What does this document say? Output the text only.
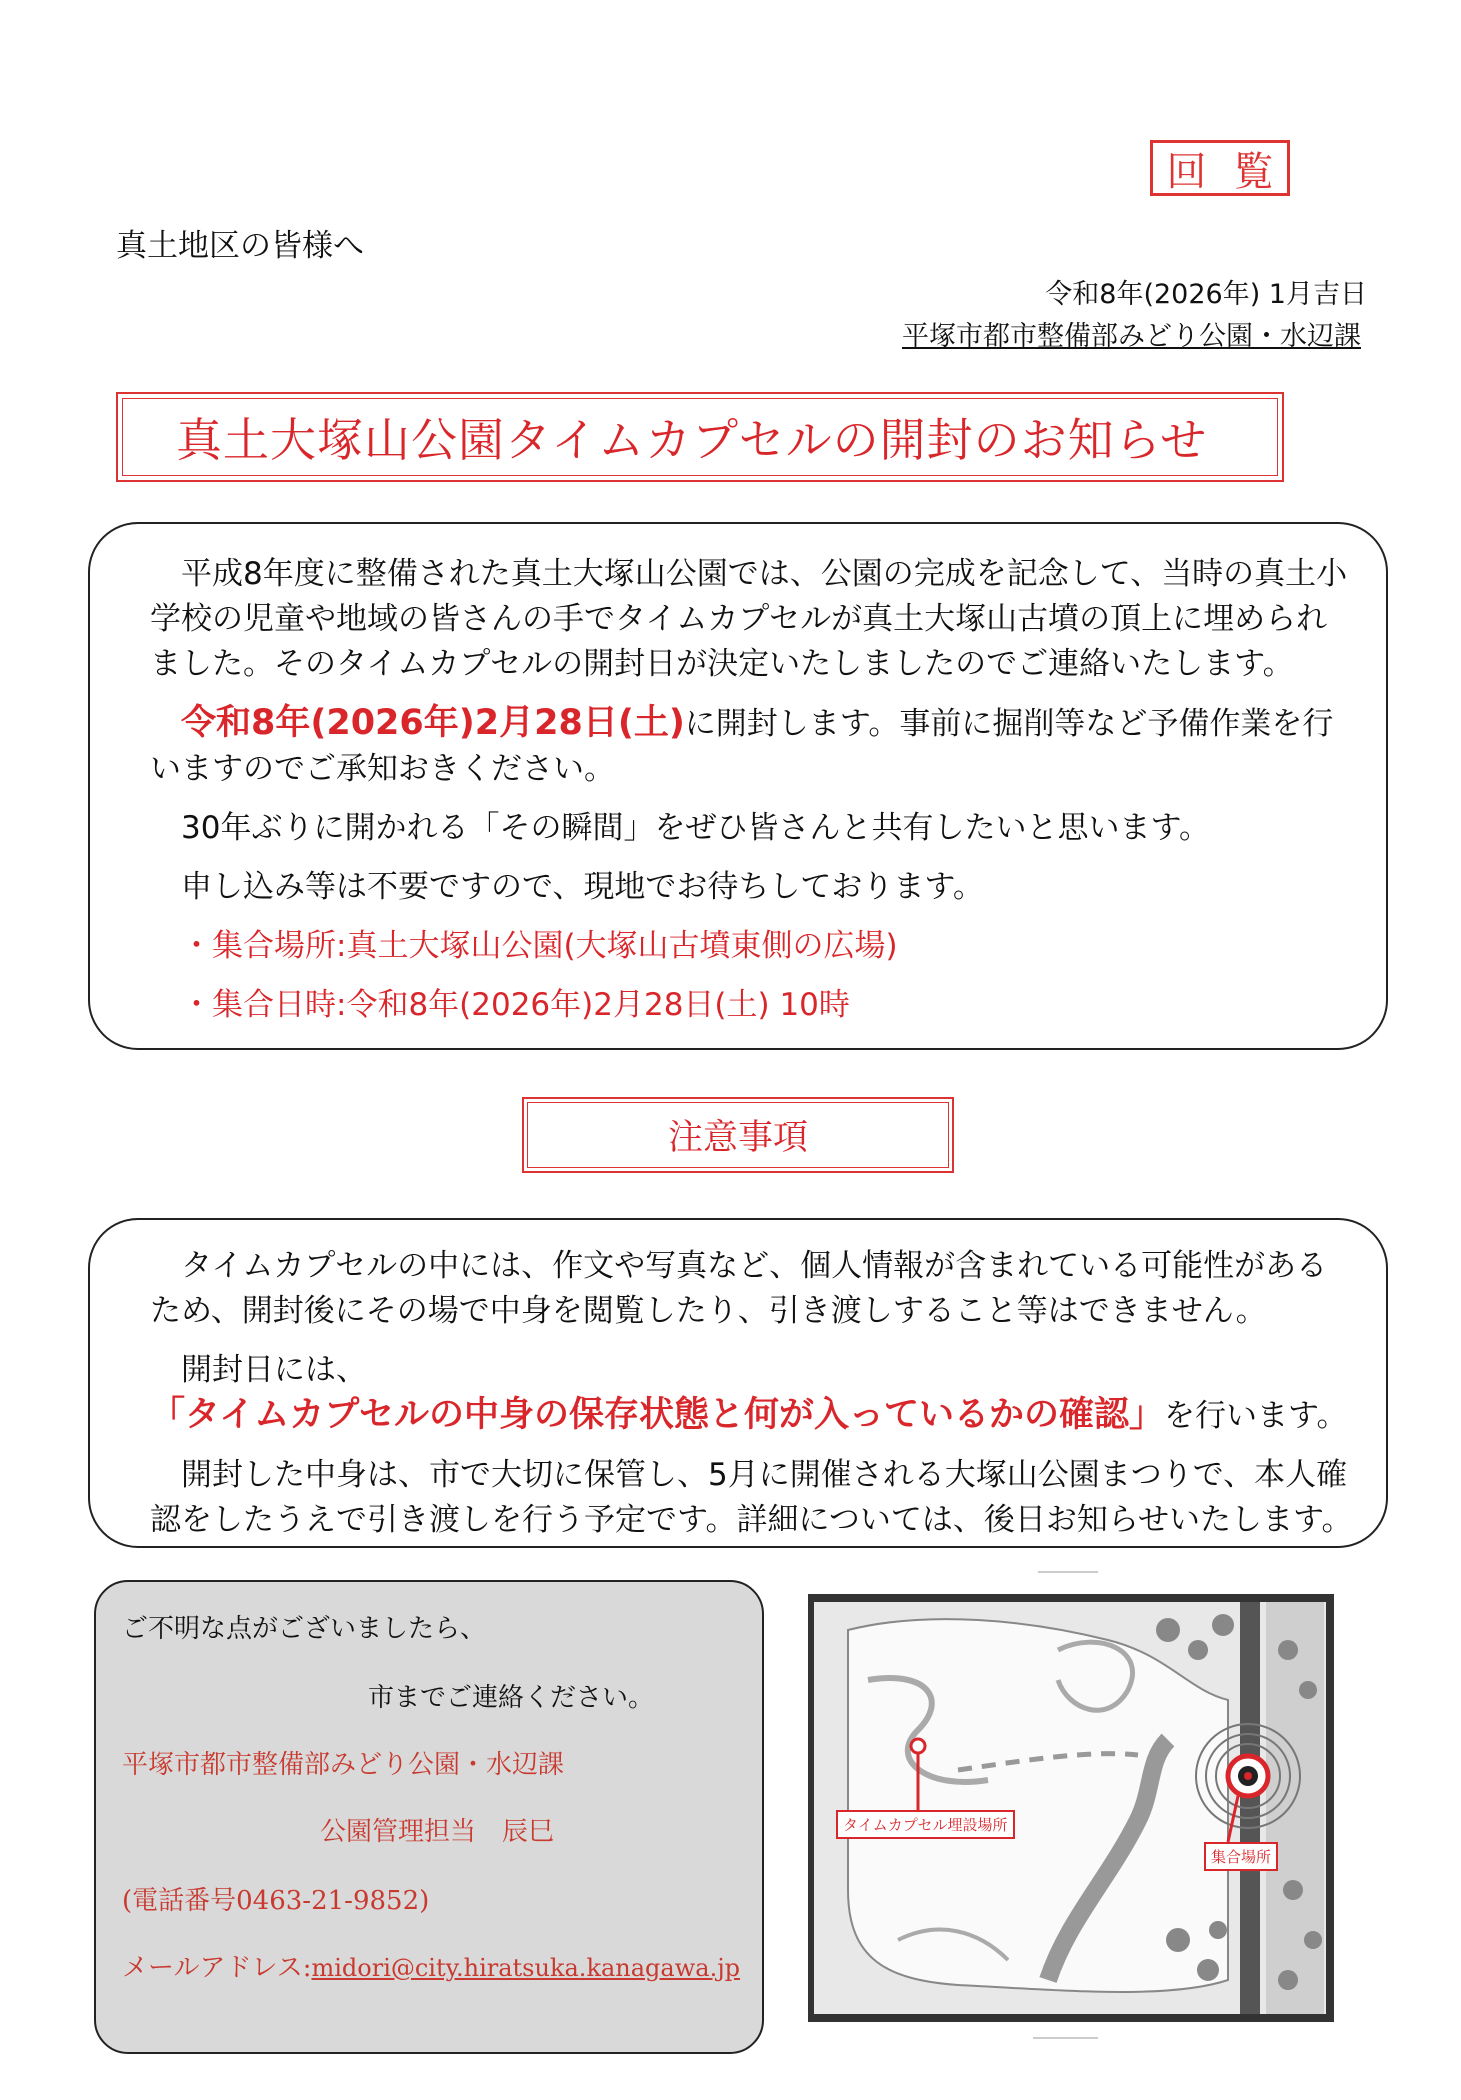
回 覧
真土地区の皆様へ
令和8年(2026年) 1月吉日
平塚市都市整備部みどり公園・水辺課
真土大塚山公園タイムカプセルの開封のお知らせ

平成8年度に整備された真土大塚山公園では、公園の完成を記念して、当時の真土小学校の児童や地域の皆さんの手でタイムカプセルが真土大塚山古墳の頂上に埋められました。そのタイムカプセルの開封日が決定いたしましたのでご連絡いたします。

令和8年(2026年)2月28日(土)に開封します。事前に掘削等など予備作業を行いますのでご承知おきください。

30年ぶりに開かれる「その瞬間」をぜひ皆さんと共有したいと思います。

申し込み等は不要ですので、現地でお待ちしております。

・集合場所:真土大塚山公園(大塚山古墳東側の広場)

・集合日時:令和8年(2026年)2月28日(土) 10時

注意事項

タイムカプセルの中には、作文や写真など、個人情報が含まれている可能性があるため、開封後にその場で中身を閲覧したり、引き渡しすること等はできません。

開封日には、「タイムカプセルの中身の保存状態と何が入っているかの確認」を行います。

開封した中身は、市で大切に保管し、5月に開催される大塚山公園まつりで、本人確認をしたうえで引き渡しを行う予定です。詳細については、後日お知らせいたします。

ご不明な点がございましたら、

市までご連絡ください。

平塚市都市整備部みどり公園・水辺課

公園管理担当　辰巳

(電話番号0463-21-9852)

メールアドレス:midori@city.hiratsuka.kanagawa.jp

タイムカプセル埋設場所
集合場所
